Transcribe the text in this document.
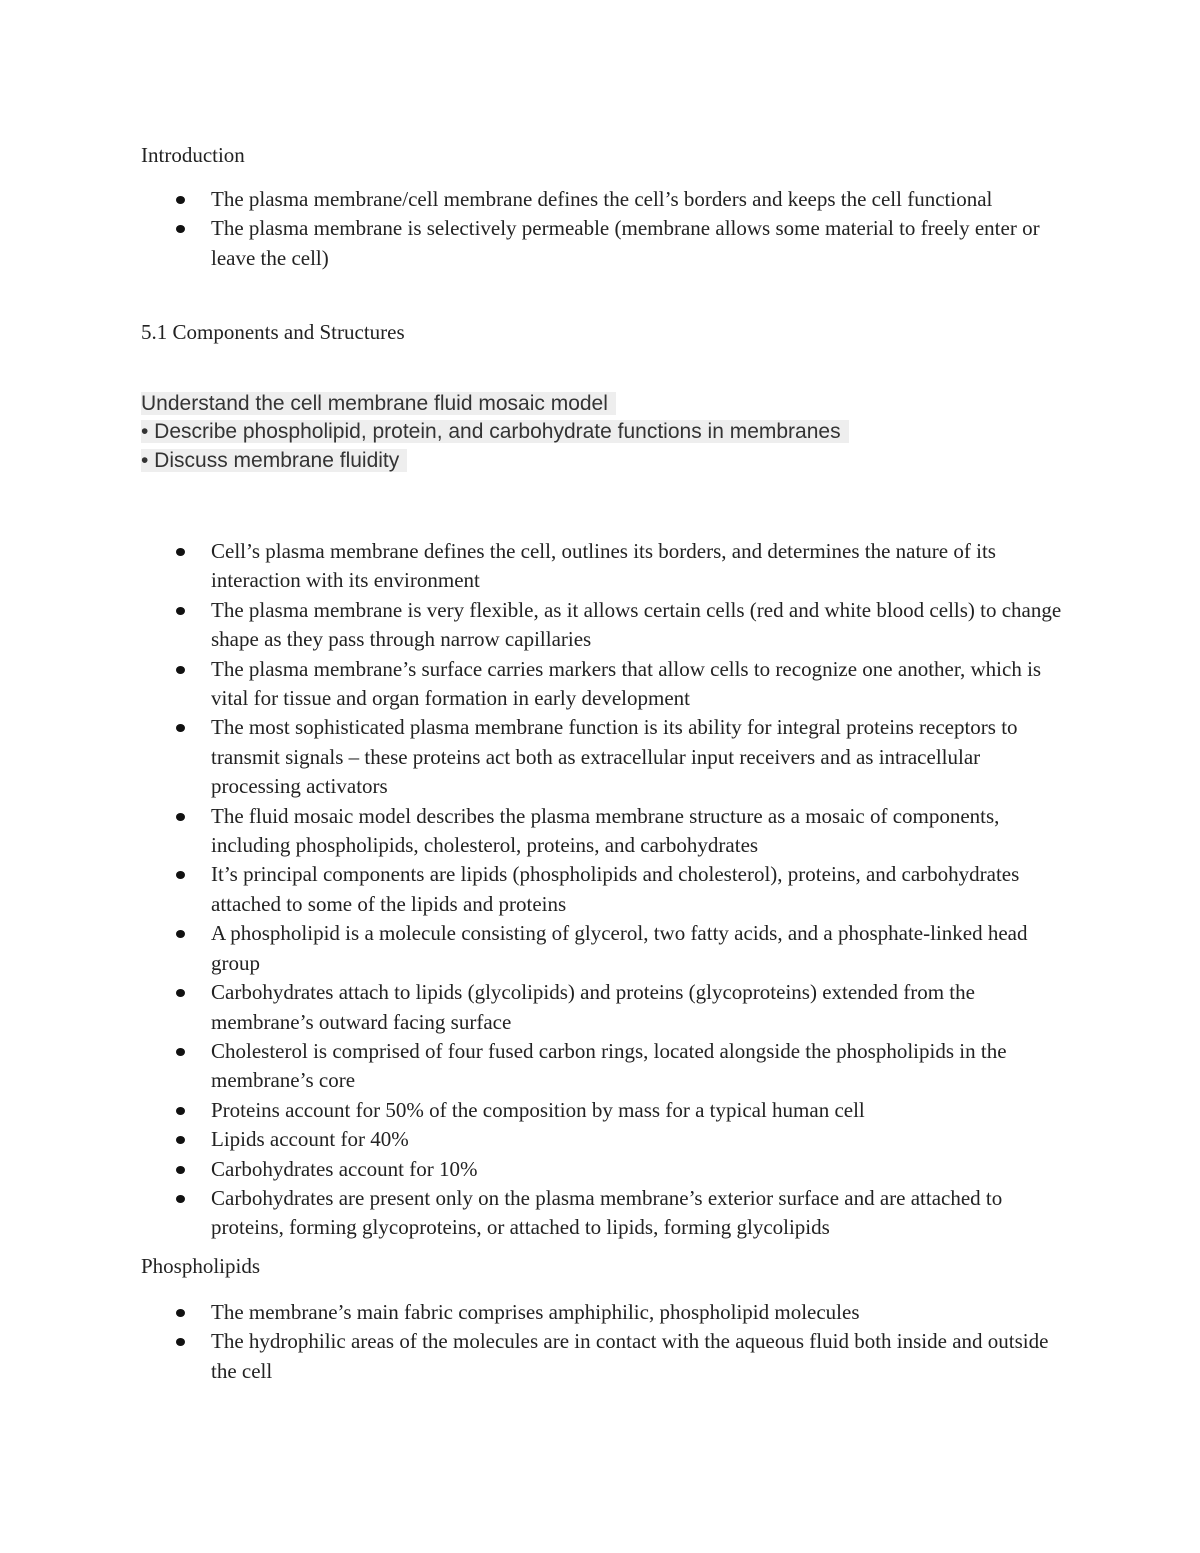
Introduction
The plasma membrane/cell membrane defines the cell’s borders and keeps the cell functional
The plasma membrane is selectively permeable (membrane allows some material to freely enter or leave the cell)
5.1 Components and Structures
Understand the cell membrane fluid mosaic model
• Describe phospholipid, protein, and carbohydrate functions in membranes
• Discuss membrane fluidity
Cell’s plasma membrane defines the cell, outlines its borders, and determines the nature of its interaction with its environment
The plasma membrane is very flexible, as it allows certain cells (red and white blood cells) to change shape as they pass through narrow capillaries
The plasma membrane’s surface carries markers that allow cells to recognize one another, which is vital for tissue and organ formation in early development
The most sophisticated plasma membrane function is its ability for integral proteins receptors to transmit signals – these proteins act both as extracellular input receivers and as intracellular processing activators
The fluid mosaic model describes the plasma membrane structure as a mosaic of components, including phospholipids, cholesterol, proteins, and carbohydrates
It’s principal components are lipids (phospholipids and cholesterol), proteins, and carbohydrates attached to some of the lipids and proteins
A phospholipid is a molecule consisting of glycerol, two fatty acids, and a phosphate-linked head group
Carbohydrates attach to lipids (glycolipids) and proteins (glycoproteins) extended from the membrane’s outward facing surface
Cholesterol is comprised of four fused carbon rings, located alongside the phospholipids in the membrane’s core
Proteins account for 50% of the composition by mass for a typical human cell
Lipids account for 40%
Carbohydrates account for 10%
Carbohydrates are present only on the plasma membrane’s exterior surface and are attached to proteins, forming glycoproteins, or attached to lipids, forming glycolipids
Phospholipids
The membrane’s main fabric comprises amphiphilic, phospholipid molecules
The hydrophilic areas of the molecules are in contact with the aqueous fluid both inside and outside the cell
